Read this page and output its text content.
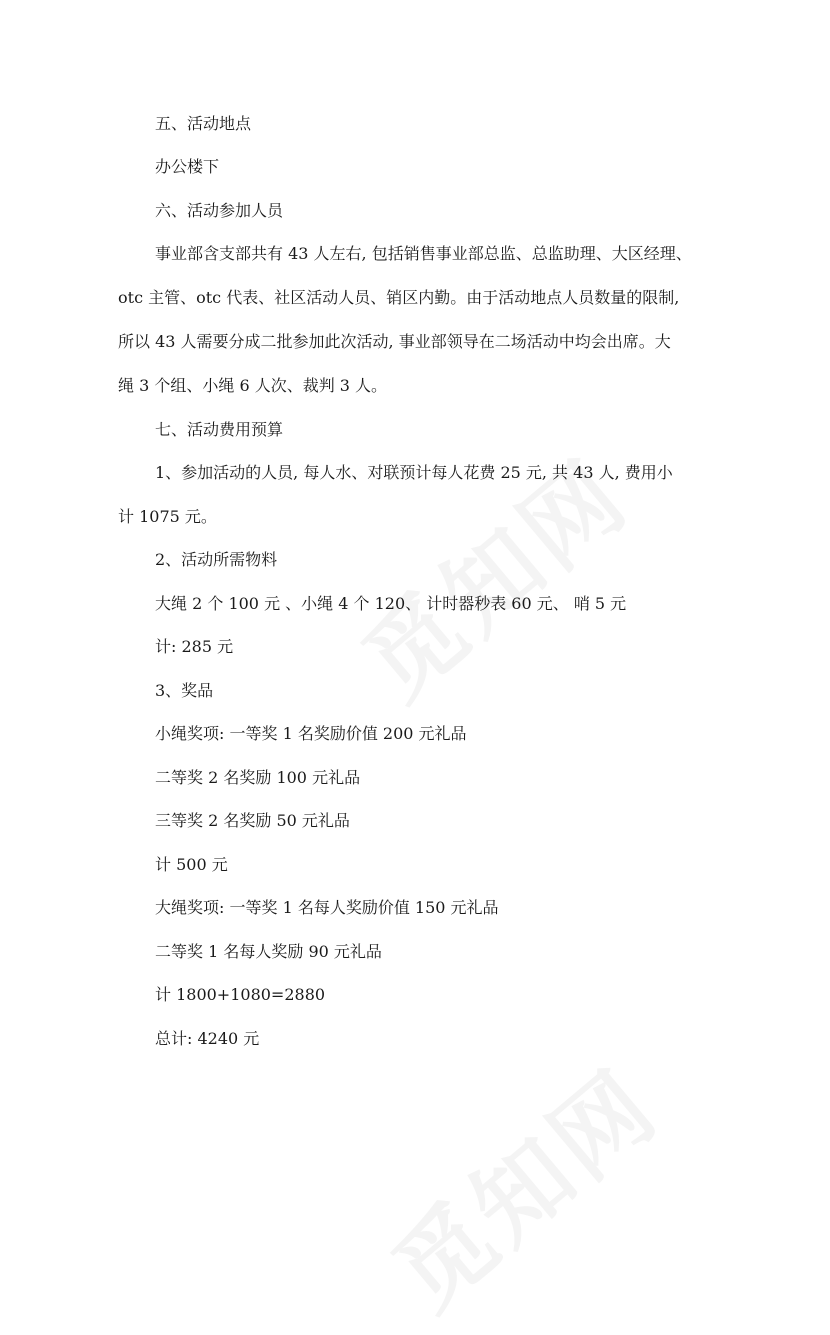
五、活动地点

办公楼下

六、活动参加人员

事业部含支部共有 43 人左右, 包括销售事业部总监、总监助理、大区经理、

otc 主管、otc 代表、社区活动人员、销区内勤。由于活动地点人员数量的限制,

所以 43 人需要分成二批参加此次活动, 事业部领导在二场活动中均会出席。大

绳 3 个组、小绳 6 人次、裁判 3 人。

七、活动费用预算

1、参加活动的人员, 每人水、对联预计每人花费 25 元, 共 43 人, 费用小

计 1075 元。

2、活动所需物料

大绳 2 个 100 元 、小绳 4 个 120、 计时器秒表 60 元、 哨 5 元

计: 285 元

3、奖品

小绳奖项: 一等奖 1 名奖励价值 200 元礼品

二等奖 2 名奖励 100 元礼品

三等奖 2 名奖励 50 元礼品

计 500 元

大绳奖项: 一等奖 1 名每人奖励价值 150 元礼品

二等奖 1 名每人奖励 90 元礼品

计 1800+1080=2880

总计: 4240 元
